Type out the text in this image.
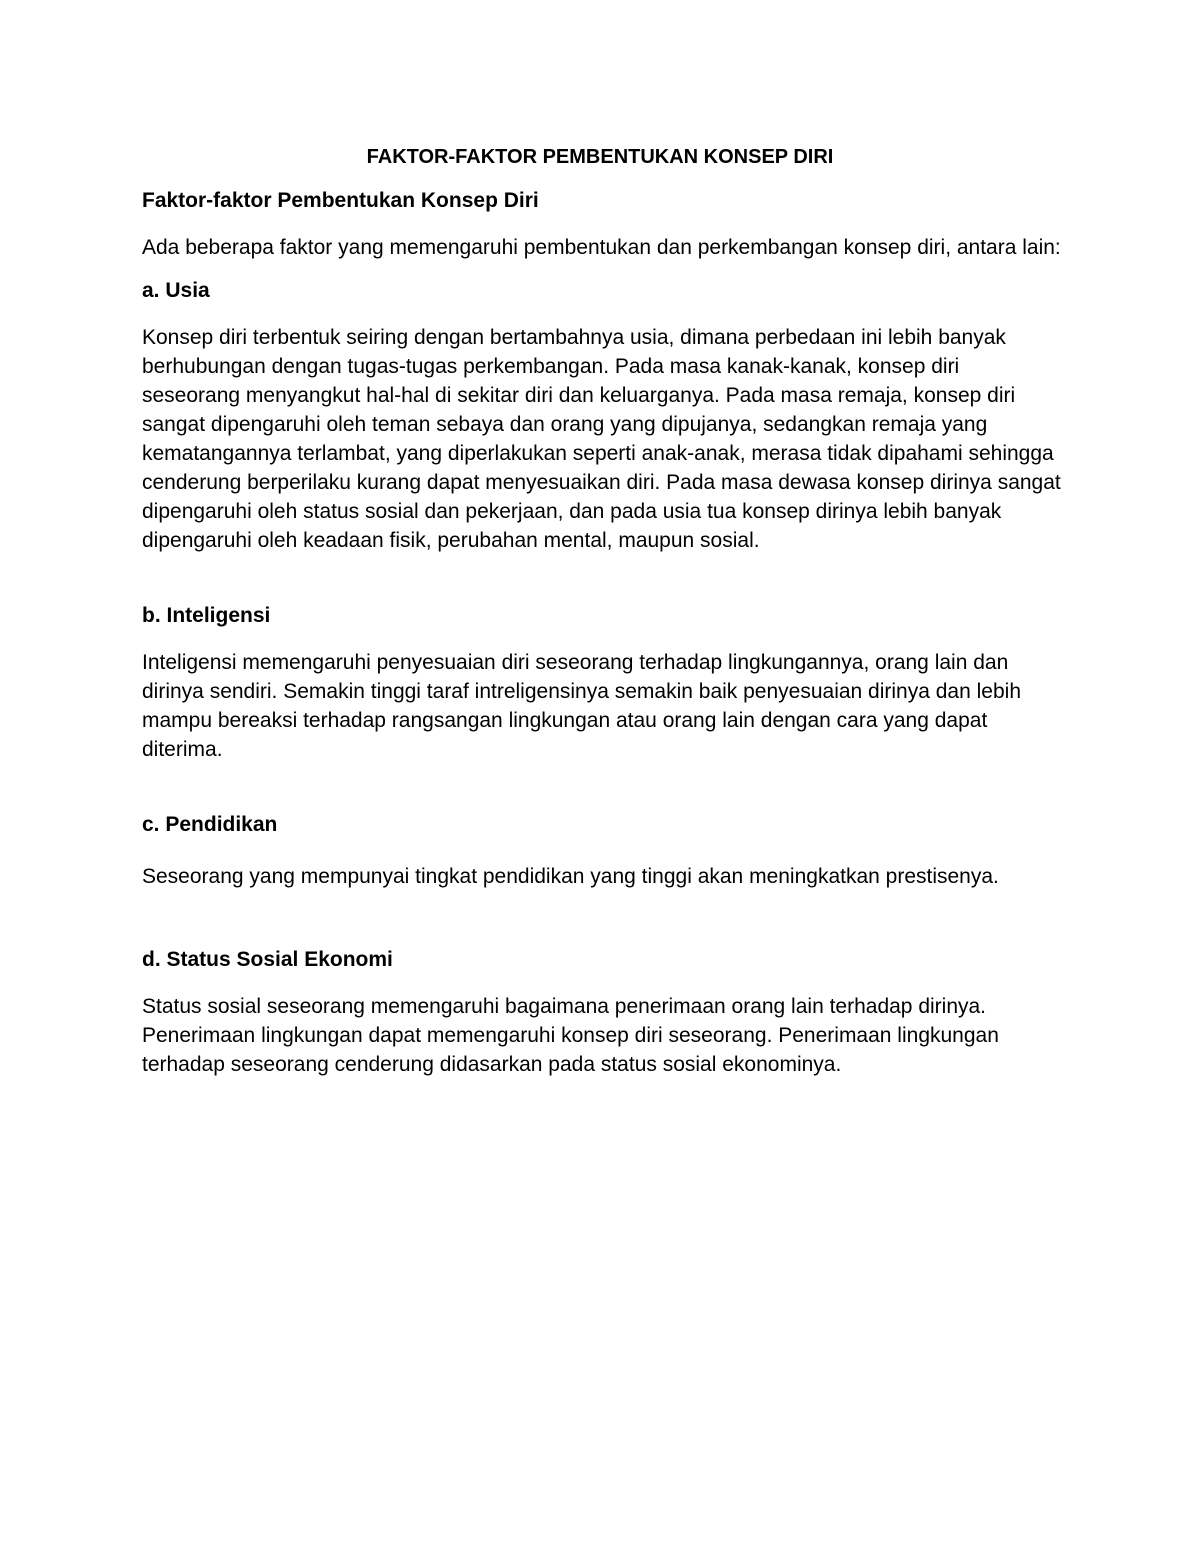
FAKTOR-FAKTOR PEMBENTUKAN KONSEP DIRI
Faktor-faktor Pembentukan Konsep Diri

Ada beberapa faktor yang memengaruhi pembentukan dan perkembangan konsep diri, antara lain:

a. Usia

Konsep diri terbentuk seiring dengan bertambahnya usia, dimana perbedaan ini lebih banyak berhubungan dengan tugas-tugas perkembangan. Pada masa kanak-kanak, konsep diri seseorang menyangkut hal-hal di sekitar diri dan keluarganya. Pada masa remaja, konsep diri sangat dipengaruhi oleh teman sebaya dan orang yang dipujanya, sedangkan remaja yang kematangannya terlambat, yang diperlakukan seperti anak-anak, merasa tidak dipahami sehingga cenderung berperilaku kurang dapat menyesuaikan diri. Pada masa dewasa konsep dirinya sangat dipengaruhi oleh status sosial dan pekerjaan, dan pada usia tua konsep dirinya lebih banyak dipengaruhi oleh keadaan fisik, perubahan mental, maupun sosial.

b. Inteligensi

Inteligensi memengaruhi penyesuaian diri seseorang terhadap lingkungannya, orang lain dan dirinya sendiri. Semakin tinggi taraf intreligensinya semakin baik penyesuaian dirinya dan lebih mampu bereaksi terhadap rangsangan lingkungan atau orang lain dengan cara yang dapat diterima.

c. Pendidikan

Seseorang yang mempunyai tingkat pendidikan yang tinggi akan meningkatkan prestisenya.

d. Status Sosial Ekonomi

Status sosial seseorang memengaruhi bagaimana penerimaan orang lain terhadap dirinya. Penerimaan lingkungan dapat memengaruhi konsep diri seseorang. Penerimaan lingkungan terhadap seseorang cenderung didasarkan pada status sosial ekonominya.
